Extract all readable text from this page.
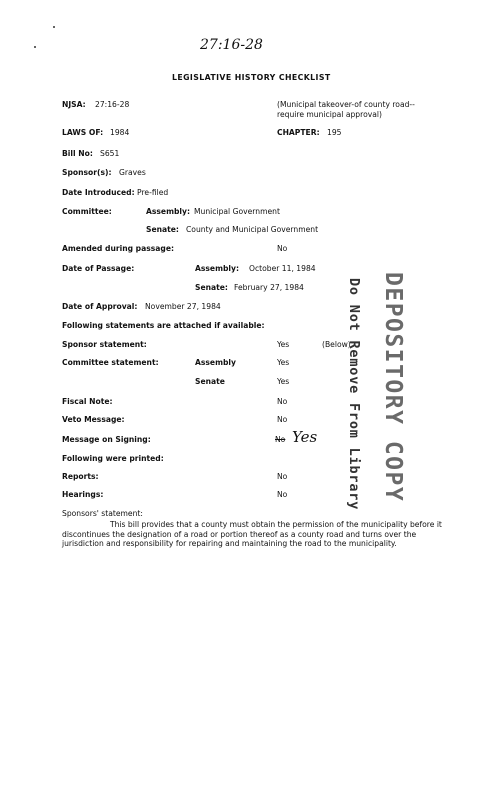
27:16-28
LEGISLATIVE HISTORY CHECKLIST
NJSA: 27:16-28	(Municipal takeover-of county road--
require municipal approval)
LAWS OF: 1984	CHAPTER: 195
Bill No: S651
Sponsor(s): Graves
Date Introduced: Pre-filed
Committee:	Assembly: Municipal Government
Senate: County and Municipal Government
Amended during passage:	No
Date of Passage:	Assembly: October 11, 1984
Senate: February 27, 1984
Date of Approval: November 27, 1984
Following statements are attached if available:
Sponsor statement:	Yes	(Below)
Committee statement:	Assembly	Yes
Senate	Yes
Fiscal Note:	No
Veto Message:	No
Message on Signing:	No Yes
Following were printed:
Reports:	No
Hearings:	No
Sponsors' statement:
This bill provides that a county must obtain the permission of the municipality before it discontinues the designation of a road or portion thereof as a county road and turns over the jurisdiction and responsibility for repairing and maintaining the road to the municipality.
Do Not Remove From Library DEPOSITORY COPY
